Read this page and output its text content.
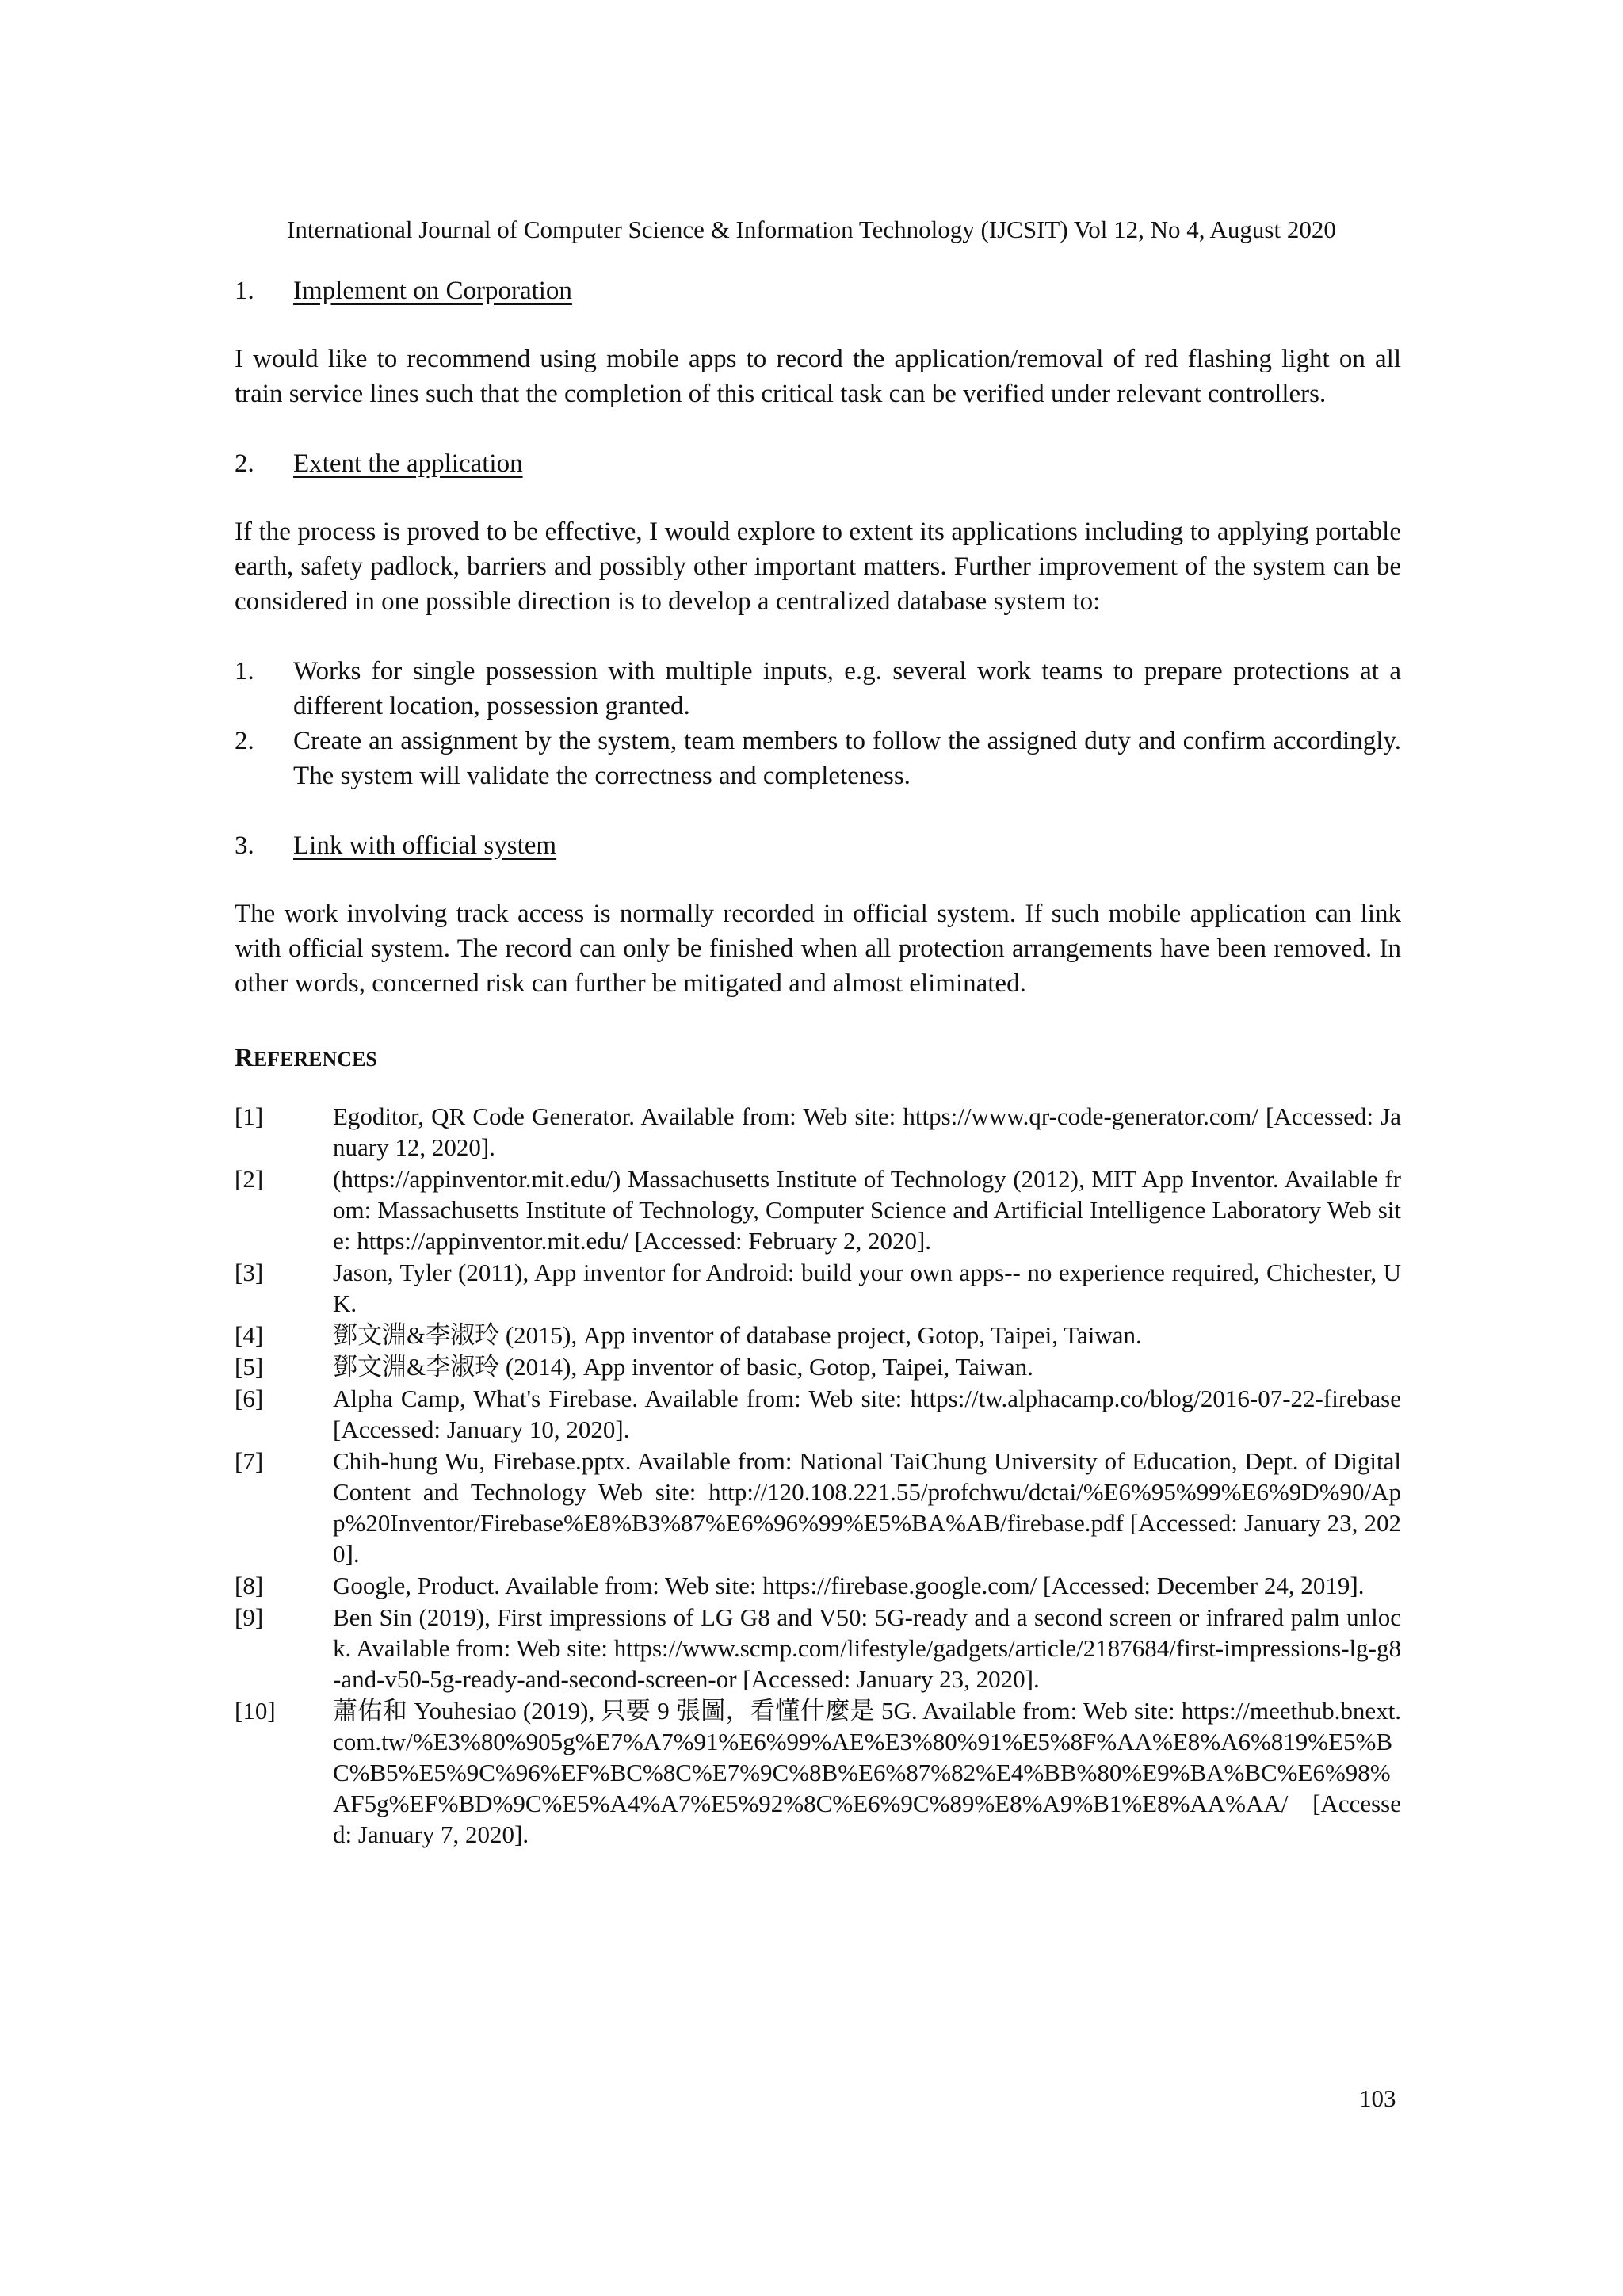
International Journal of Computer Science & Information Technology (IJCSIT) Vol 12, No 4, August 2020
1.	Implement on Corporation

I would like to recommend using mobile apps to record the application/removal of red flashing light on all train service lines such that the completion of this critical task can be verified under relevant controllers.

2.	Extent the application

If the process is proved to be effective, I would explore to extent its applications including to applying portable earth, safety padlock, barriers and possibly other important matters. Further improvement of the system can be considered in one possible direction is to develop a centralized database system to:

1.	Works for single possession with multiple inputs, e.g. several work teams to prepare protections at a different location, possession granted.
2.	Create an assignment by the system, team members to follow the assigned duty and confirm accordingly. The system will validate the correctness and completeness.
3.	Link with official system

The work involving track access is normally recorded in official system. If such mobile application can link with official system. The record can only be finished when all protection arrangements have been removed. In other words, concerned risk can further be mitigated and almost eliminated.

REFERENCES
[1]	Egoditor, QR Code Generator. Available from: Web site: https://www.qr-code-generator.com/ [Accessed: January 12, 2020].
[2]	(https://appinventor.mit.edu/) Massachusetts Institute of Technology (2012), MIT App Inventor. Available from: Massachusetts Institute of Technology, Computer Science and Artificial Intelligence Laboratory Web site: https://appinventor.mit.edu/ [Accessed: February 2, 2020].
[3]	Jason, Tyler (2011), App inventor for Android: build your own apps-- no experience required, Chichester, UK.
[4]	鄧文淵&李淑玲 (2015), App inventor of database project, Gotop, Taipei, Taiwan.
[5]	鄧文淵&李淑玲 (2014), App inventor of basic, Gotop, Taipei, Taiwan.
[6]	Alpha Camp, What's Firebase. Available from: Web site: https://tw.alphacamp.co/blog/2016-07-22-firebase [Accessed: January 10, 2020].
[7]	Chih-hung Wu, Firebase.pptx. Available from: National TaiChung University of Education, Dept. of Digital Content and Technology Web site: http://120.108.221.55/profchwu/dctai/%E6%95%99%E6%9D%90/App%20Inventor/Firebase%E8%B3%87%E6%96%99%E5%BA%AB/firebase.pdf [Accessed: January 23, 2020].
[8]	Google, Product. Available from: Web site: https://firebase.google.com/ [Accessed: December 24, 2019].
[9]	Ben Sin (2019), First impressions of LG G8 and V50: 5G-ready and a second screen or infrared palm unlock. Available from: Web site: https://www.scmp.com/lifestyle/gadgets/article/2187684/first-impressions-lg-g8-and-v50-5g-ready-and-second-screen-or [Accessed: January 23, 2020].
[10]	蕭佑和 Youhesiao (2019), 只要 9 張圖，看懂什麼是 5G. Available from: Web site: https://meethub.bnext.com.tw/%E3%80%905g%E7%A7%91%E6%99%AE%E3%80%91%E5%8F%AA%E8%A6%819%E5%BC%B5%E5%9C%96%EF%BC%8C%E7%9C%8B%E6%87%82%E4%BB%80%E9%BA%BC%E6%98%AF5g%EF%BD%9C%E5%A4%A7%E5%92%8C%E6%9C%89%E8%A9%B1%E8%AA%AA/ [Accessed: January 7, 2020].
103
